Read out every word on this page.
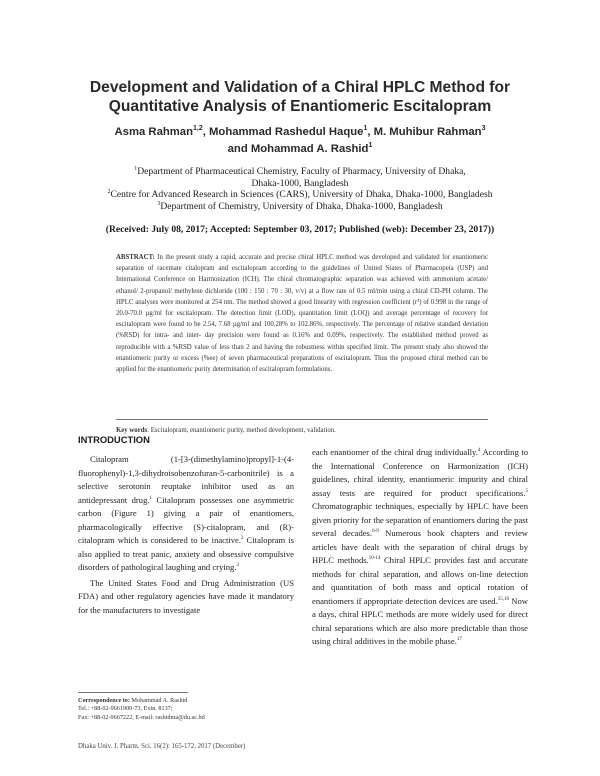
Development and Validation of a Chiral HPLC Method for
Quantitative Analysis of Enantiomeric Escitalopram
Asma Rahman$^{1,2}$, Mohammad Rashedul Haque$^1$, M. Muhibur Rahman$^3$
and Mohammad A. Rashid$^1$
$^1$Department of Pharmaceutical Chemistry, Faculty of Pharmacy, University of Dhaka,
Dhaka-1000, Bangladesh
$^2$Centre for Advanced Research in Sciences (CARS), University of Dhaka, Dhaka-1000, Bangladesh
$^3$Department of Chemistry, University of Dhaka, Dhaka-1000, Bangladesh
(Received: July 08, 2017; Accepted: September 03, 2017; Published (web): December 23, 2017))
ABSTRACT: In the present study a rapid, accurate and precise chiral HPLC method was developed and validated for enantiomeric separation of racemate citalopram and escitalopram according to the guidelines of United States of Pharmacopeia (USP) and International Conference on Harmonization (ICH). The chiral chromatographic separation was achieved with ammonium acetate/ ethanol/ 2-propanol/ methylene dichloride (100 : 150 : 70 : 30, v/v) at a flow rate of 0.5 ml/min using a chiral CD-PH column. The HPLC analyses were monitored at 254 nm. The method showed a good linearity with regression coefficient (r²) of 0.998 in the range of 20.0-70.0 µg/ml for escitalopram. The detection limit (LOD), quantitation limit (LOQ) and average percentage of recovery for escitalopram were found to be 2.54, 7.68 µg/ml and 100.28% to 102.86%, respectively. The percentage of relative standard deviation (%RSD) for intra- and inter- day precision were found as 0.16% and 0.09%, respectively. The established method proved as reproducible with a %RSD value of less than 2 and having the robustness within specified limit. The present study also showed the enantiomeric purity or excess (%ee) of seven pharmaceutical preparations of escitalopram. Thus the proposed chiral method can be applied for the enantiomeric purity determination of escitalopram formulations.
Key words: Escitalopram, enantiomeric purity, method development, validation.
INTRODUCTION

Citalopram (1-[3-(dimethylamino)propyl]-1-(4-fluorophenyl)-1,3-dihydroisobenzofuran-5-carbonitrile) is a selective serotonin reuptake inhibitor used as an antidepressant drug.$^1$ Citalopram possesses one asymmetric carbon (Figure 1) giving a pair of enantiomers, pharmacologically effective (S)-citalopram, and (R)-citalopram which is considered to be inactive.$^2$ Citalopram is also applied to treat panic, anxiety and obsessive compulsive disorders of pathological laughing and crying.$^3$

The United States Food and Drug Administration (US FDA) and other regulatory agencies have made it mandatory for the manufacturers to investigate

each enantiomer of the chiral drug individually.$^4$ According to the International Conference on Harmonization (ICH) guidelines, chiral identity, enantiomeric impurity and chiral assay tests are required for product specifications.$^5$ Chromatographic techniques, especially by HPLC have been given priority for the separation of enantiomers during the past several decades.$^{6-9}$ Numerous book chapters and review articles have dealt with the separation of chiral drugs by HPLC methods.$^{10-14}$ Chiral HPLC provides fast and accurate methods for chiral separation, and allows on-line detection and quantitation of both mass and optical rotation of enantiomers if appropriate detection devices are used.$^{15,16}$ Now a days, chiral HPLC methods are more widely used for direct chiral separations which are also more predictable than those using chiral additives in the mobile phase.$^{17}$

Correspondence to: Mohammad A. Rashid
Tel.: +88-02-9661900-73, Extn. 8137;
Fax: +88-02-9667222, E-mail: rashidma@du.ac.bd
Dhaka Univ. J. Pharm. Sci. 16(2): 165-172, 2017 (December)
